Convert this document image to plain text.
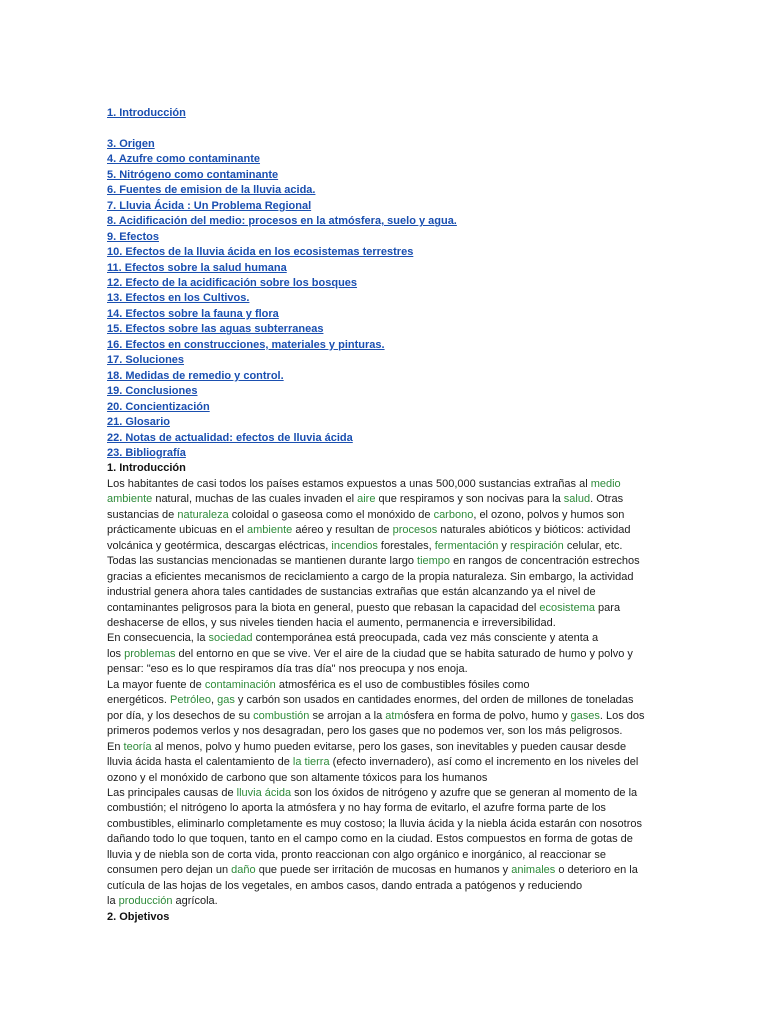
1. Introducción
3. Origen
4. Azufre como contaminante
5. Nitrógeno como contaminante
6. Fuentes de emision de la lluvia acida.
7. Lluvia Ácida : Un Problema Regional
8. Acidificación del medio: procesos en la atmósfera, suelo y agua.
9. Efectos
10. Efectos de la lluvia ácida en los ecosistemas terrestres
11. Efectos sobre la salud humana
12. Efecto de la acidificación sobre los bosques
13. Efectos en los Cultivos.
14. Efectos sobre la fauna y flora
15. Efectos sobre las aguas subterraneas
16. Efectos en construcciones, materiales y pinturas.
17. Soluciones
18. Medidas de remedio y control.
19. Conclusiones
20. Concientización
21. Glosario
22. Notas de actualidad: efectos de lluvia ácida
23. Bibliografía
1. Introducción
Los habitantes de casi todos los países estamos expuestos a unas 500,000 sustancias extrañas al medio
ambiente natural, muchas de las cuales invaden el aire que respiramos y son nocivas para la salud. Otras
sustancias de naturaleza coloidal o gaseosa como el monóxido de carbono, el ozono, polvos y humos son
prácticamente ubicuas en el ambiente aéreo y resultan de procesos naturales abióticos y bióticos: actividad
volcánica y geotérmica, descargas eléctricas, incendios forestales, fermentación y respiración celular, etc.
Todas las sustancias mencionadas se mantienen durante largo tiempo en rangos de concentración estrechos
gracias a eficientes mecanismos de reciclamiento a cargo de la propia naturaleza. Sin embargo, la actividad
industrial genera ahora tales cantidades de sustancias extrañas que están alcanzando ya el nivel de
contaminantes peligrosos para la biota en general, puesto que rebasan la capacidad del ecosistema para
deshacerse de ellos, y sus niveles tienden hacia el aumento, permanencia e irreversibilidad.
En consecuencia, la sociedad contemporánea está preocupada, cada vez más consciente y atenta a
los problemas del entorno en que se vive. Ver el aire de la ciudad que se habita saturado de humo y polvo y
pensar: "eso es lo que respiramos día tras día" nos preocupa y nos enoja.
La mayor fuente de contaminación atmosférica es el uso de combustibles fósiles como
energéticos. Petróleo, gas y carbón son usados en cantidades enormes, del orden de millones de toneladas
por día, y los desechos de su combustión se arrojan a la atmósfera en forma de polvo, humo y gases. Los dos
primeros podemos verlos y nos desagradan, pero los gases que no podemos ver, son los más peligrosos.
En teoría al menos, polvo y humo pueden evitarse, pero los gases, son inevitables y pueden causar desde
lluvia ácida hasta el calentamiento de la tierra (efecto invernadero), así como el incremento en los niveles del
ozono y el monóxido de carbono que son altamente tóxicos para los humanos
Las principales causas de lluvia ácida son los óxidos de nitrógeno y azufre que se generan al momento de la
combustión; el nitrógeno lo aporta la atmósfera y no hay forma de evitarlo, el azufre forma parte de los
combustibles, eliminarlo completamente es muy costoso; la lluvia ácida y la niebla ácida estarán con nosotros
dañando todo lo que toquen, tanto en el campo como en la ciudad. Estos compuestos en forma de gotas de
lluvia y de niebla son de corta vida, pronto reaccionan con algo orgánico e inorgánico, al reaccionar se
consumen pero dejan un daño que puede ser irritación de mucosas en humanos y animales o deterioro en la
cutícula de las hojas de los vegetales, en ambos casos, dando entrada a patógenos y reduciendo
la producción agrícola.
2. Objetivos
